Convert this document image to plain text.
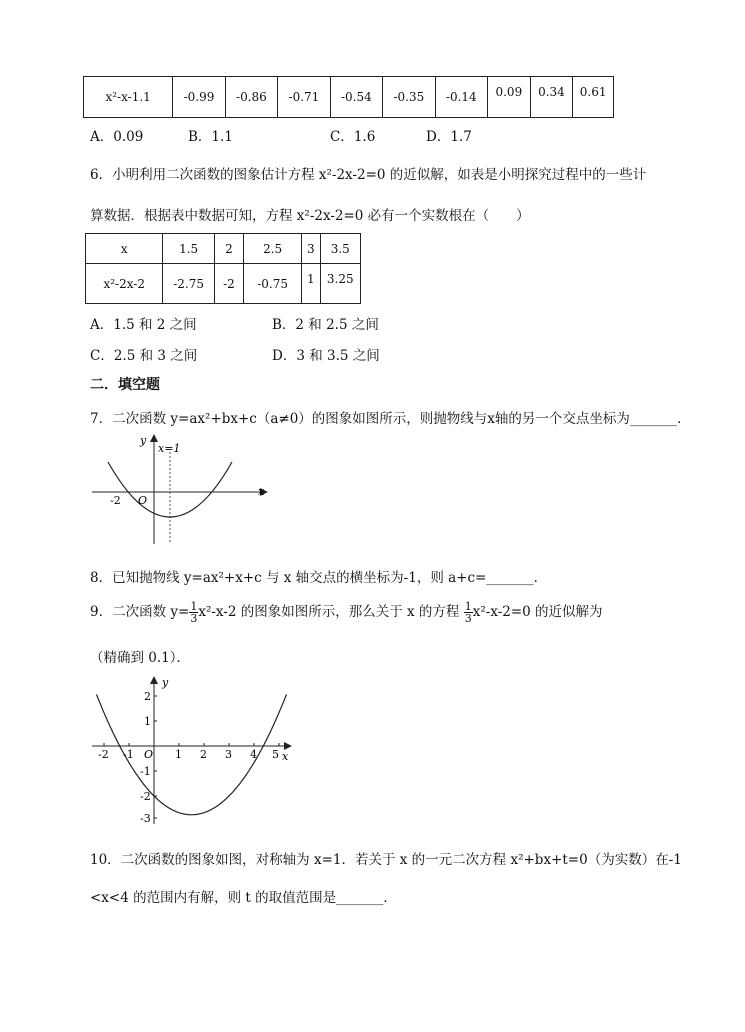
x²-x-1.1	-0.99	-0.86	-0.71	-0.54	-0.35	-0.14	0.09	0.34	0.61
A．0.09	B．1.1	C．1.6	D．1.7
6．小明利用二次函数的图象估计方程 x²-2x-2=0 的近似解，如表是小明探究过程中的一些计
算数据．根据表中数据可知，方程 x²-2x-2=0 必有一个实数根在（　　）
x	1.5	2	2.5	3	3.5
x²-2x-2	-2.75	-2	-0.75	1	3.25
A．1.5 和 2 之间	B．2 和 2.5 之间
C．2.5 和 3 之间	D．3 和 3.5 之间
二．填空题
7．二次函数 y=ax²+bx+c（a≠0）的图象如图所示，则抛物线与x轴的另一个交点坐标为_______．
y
x=1
x
O
-2
8．已知抛物线 y=ax²+x+c 与 x 轴交点的横坐标为-1，则 a+c=_______．
9．二次函数 $y= \frac{1}{3} x^2-x-2$ 的图象如图所示，那么关于 x 的方程 $\frac{1}{3} x^2-x-2=0$ 的近似解为
（精确到 0.1）．
y
x
O
-2 -1	1 2 3 4 5
2
1
-1
-2
-3
10．二次函数的图象如图，对称轴为 x=1．若关于 x 的一元二次方程 x²+bx+t=0（为实数）在-1
<x<4 的范围内有解，则 t 的取值范围是_______．
